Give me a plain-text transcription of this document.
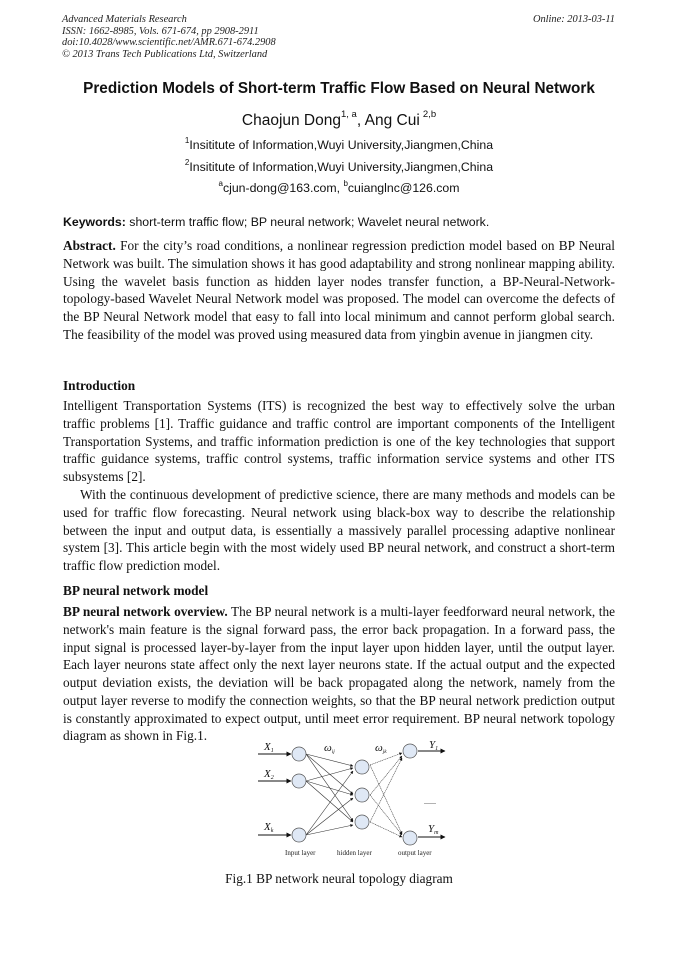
Advanced Materials Research
ISSN: 1662-8985, Vols. 671-674, pp 2908-2911
doi:10.4028/www.scientific.net/AMR.671-674.2908
© 2013 Trans Tech Publications Ltd, Switzerland
Online: 2013-03-11
Prediction Models of Short-term Traffic Flow Based on Neural Network
Chaojun Dong$^{1, a}$, Ang Cui  $^{2,b}$
$^1$Insititute of Information,Wuyi University,Jiangmen,China
$^2$Insititute of Information,Wuyi University,Jiangmen,China
$^a$cjun-dong@163.com, $^b$cuianglnc@126.com
Keywords: short-term traffic flow; BP neural network; Wavelet neural network.
Abstract. For the city’s road conditions, a nonlinear regression prediction model based on BP Neural Network was built. The simulation shows it has good adaptability and strong nonlinear mapping ability. Using the wavelet basis function as hidden layer nodes transfer function, a BP-Neural-Network-topology-based Wavelet Neural Network model was proposed. The model can overcome the defects of the BP Neural Network model that easy to fall into local minimum and cannot perform global search. The feasibility of the model was proved using measured data from yingbin avenue in jiangmen city.
Introduction
Intelligent Transportation Systems (ITS) is recognized the best way to effectively solve the urban traffic problems [1]. Traffic guidance and traffic control are important components of the Intelligent Transportation Systems, and traffic information prediction is one of the key technologies that support traffic guidance systems, traffic control systems, traffic information service systems and other ITS subsystems [2].
With the continuous development of predictive science, there are many methods and models can be used for traffic flow forecasting. Neural network using black-box way to describe the relationship between the input and output data, is essentially a massively parallel processing adaptive nonlinear system [3]. This article begin with the most widely used BP neural network, and construct a short-term traffic flow prediction model.
BP neural network model
BP neural network overview. The BP neural network is a multi-layer feedforward neural network, the network's main feature is the signal forward pass, the error back propagation. In a forward pass, the input signal is processed layer-by-layer from the input layer upon hidden layer, until the output layer. Each layer neurons state affect only the next layer neurons state. If the actual output and the expected output deviation exists, the deviation will be back propagated along the network, namely from the output layer reverse to modify the connection weights, so that the BP neural network prediction output is constantly approximated to expect output, until meet error requirement. BP neural network topology diagram as shown in Fig.1.
X1
X2
Xk
ωij	ωjk
Y1
Ym
......
Input layer	hidden layer	output layer
Fig.1 BP network neural topology diagram
